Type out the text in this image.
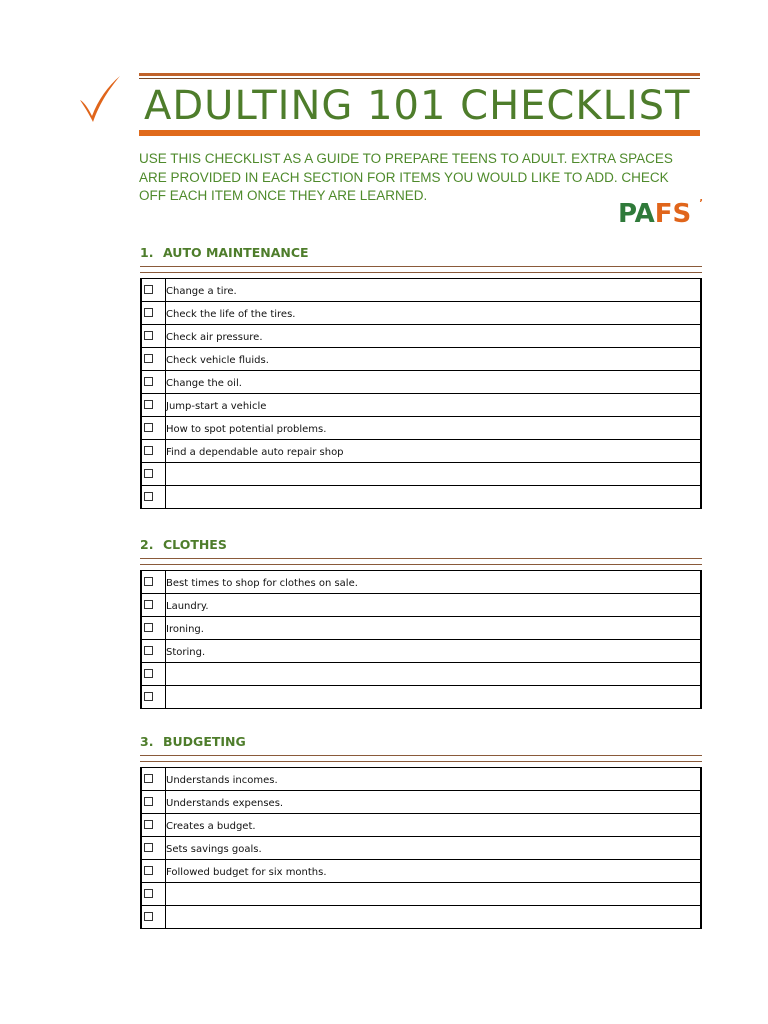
ADULTING 101 CHECKLIST
USE THIS CHECKLIST AS A GUIDE TO PREPARE TEENS TO ADULT. EXTRA SPACES ARE PROVIDED IN EACH SECTION FOR ITEMS YOU WOULD LIKE TO ADD. CHECK OFF EACH ITEM ONCE THEY ARE LEARNED.
PAFS ’
1. AUTO MAINTENANCE
Change a tire.
Check the life of the tires.
Check air pressure.
Check vehicle fluids.
Change the oil.
Jump-start a vehicle
How to spot potential problems.
Find a dependable auto repair shop
2. CLOTHES
Best times to shop for clothes on sale.
Laundry.
Ironing.
Storing.
3. BUDGETING
Understands incomes.
Understands expenses.
Creates a budget.
Sets savings goals.
Followed budget for six months.
